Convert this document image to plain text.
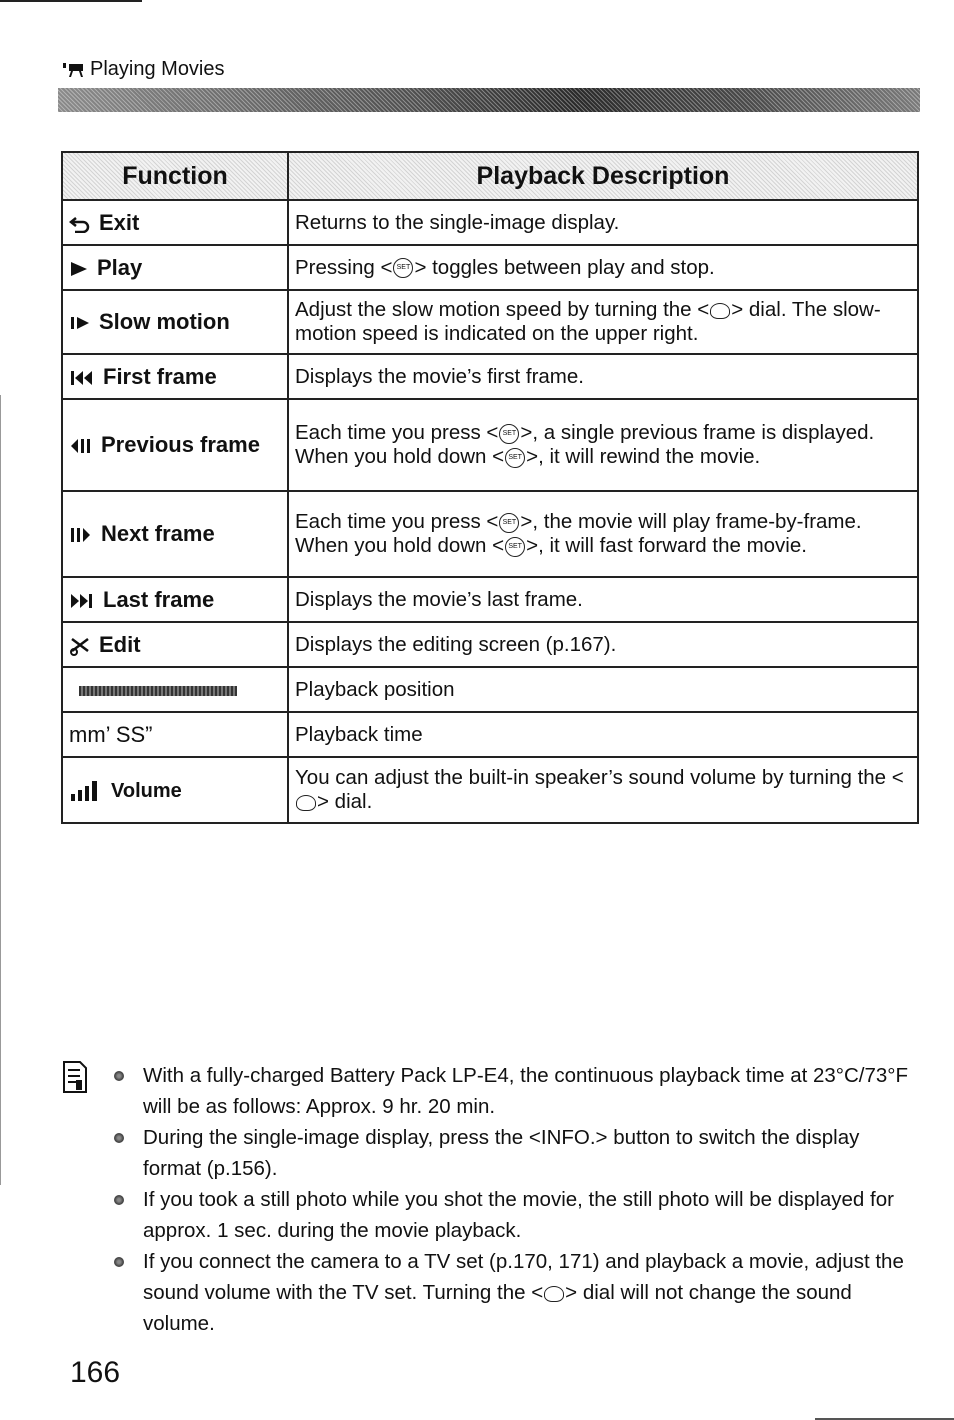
Playing Movies
Function	Playback Description
Exit	Returns to the single-image display.
Play	Pressing < SET > toggles between play and stop.
Slow motion	Adjust the slow motion speed by turning the < > dial. The slow-motion speed is indicated on the upper right.
First frame	Displays the movie’s first frame.
Previous frame	Each time you press < SET >, a single previous frame is displayed. When you hold down < SET >, it will rewind the movie.
Next frame	Each time you press < SET >, the movie will play frame-by-frame. When you hold down < SET >, it will fast forward the movie.
Last frame	Displays the movie’s last frame.
Edit	Displays the editing screen (p.167).
	Playback position
mm’ SS”	Playback time
Volume	You can adjust the built-in speaker’s sound volume by turning the <> dial.
With a fully-charged Battery Pack LP-E4, the continuous playback time at 23°C/73°F will be as follows: Approx. 9 hr. 20 min.
During the single-image display, press the <INFO.> button to switch the display format (p.156).
If you took a still photo while you shot the movie, the still photo will be displayed for approx. 1 sec. during the movie playback.
If you connect the camera to a TV set (p.170, 171) and playback a movie, adjust the sound volume with the TV set. Turning the < > dial will not change the sound volume.
166
